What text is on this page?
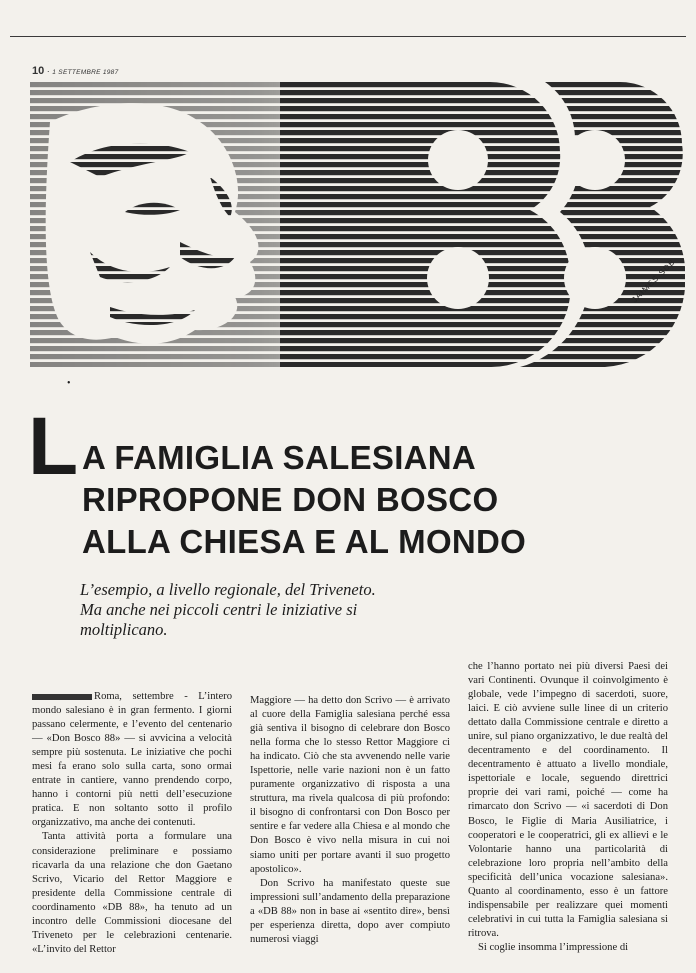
10 · 1 SETTEMBRE 1987
JAIMES SDB
•
L A FAMIGLIA SALESIANA
RIPROPONE DON BOSCO
ALLA CHIESA E AL MONDO
L’esempio, a livello regionale, del Triveneto. Ma anche nei piccoli centri le iniziative si moltiplicano.

Roma, settembre - L’intero mondo salesiano è in gran fermento. I giorni passano celermente, e l’evento del centenario — «Don Bosco 88» — si avvicina a velocità sempre più sostenuta. Le iniziative che pochi mesi fa erano solo sulla carta, sono ormai entrate in cantiere, vanno prendendo corpo, hanno i contorni più netti dell’esecuzione pratica. E non soltanto sotto il profilo organizzativo, ma anche dei contenuti.

Tanta attività porta a formulare una considerazione preliminare e possiamo ricavarla da una relazione che don Gaetano Scrivo, Vicario del Rettor Maggiore e presidente della Commissione centrale di coordinamento «DB 88», ha tenuto ad un incontro delle Commissioni diocesane del Triveneto per le celebrazioni centenarie. «L’invito del Rettor

Maggiore — ha detto don Scrivo — è arrivato al cuore della Famiglia salesiana perché essa già sentiva il bisogno di celebrare don Bosco nella forma che lo stesso Rettor Maggiore ci ha indicato. Ciò che sta avvenendo nelle varie Ispettorie, nelle varie nazioni non è un fatto puramente organizzativo di risposta a una struttura, ma rivela qualcosa di più profondo: il bisogno di confrontarsi con Don Bosco per sentire e far vedere alla Chiesa e al mondo che Don Bosco è vivo nella misura in cui noi siamo uniti per portare avanti il suo progetto apostolico».

Don Scrivo ha manifestato queste sue impressioni sull’andamento della preparazione a «DB 88» non in base ai «sentito dire», bensì per esperienza diretta, dopo aver compiuto numerosi viaggi

che l’hanno portato nei più diversi Paesi dei vari Continenti. Ovunque il coinvolgimento è globale, vede l’impegno di sacerdoti, suore, laici. E ciò avviene sulle linee di un criterio dettato dalla Commissione centrale e diretto a unire, sul piano organizzativo, le due realtà del decentramento e del coordinamento. Il decentramento è attuato a livello mondiale, ispettoriale e locale, seguendo direttrici proprie dei vari rami, poiché — come ha rimarcato don Scrivo — «i sacerdoti di Don Bosco, le Figlie di Maria Ausiliatrice, i cooperatori e le cooperatrici, gli ex allievi e le Volontarie hanno una particolarità di celebrazione loro propria nell’ambito della specificità dell’unica vocazione salesiana». Quanto al coordinamento, esso è un fattore indispensabile per realizzare quei momenti celebrativi in cui tutta la Famiglia salesiana si ritrova.

Si coglie insomma l’impressione di
